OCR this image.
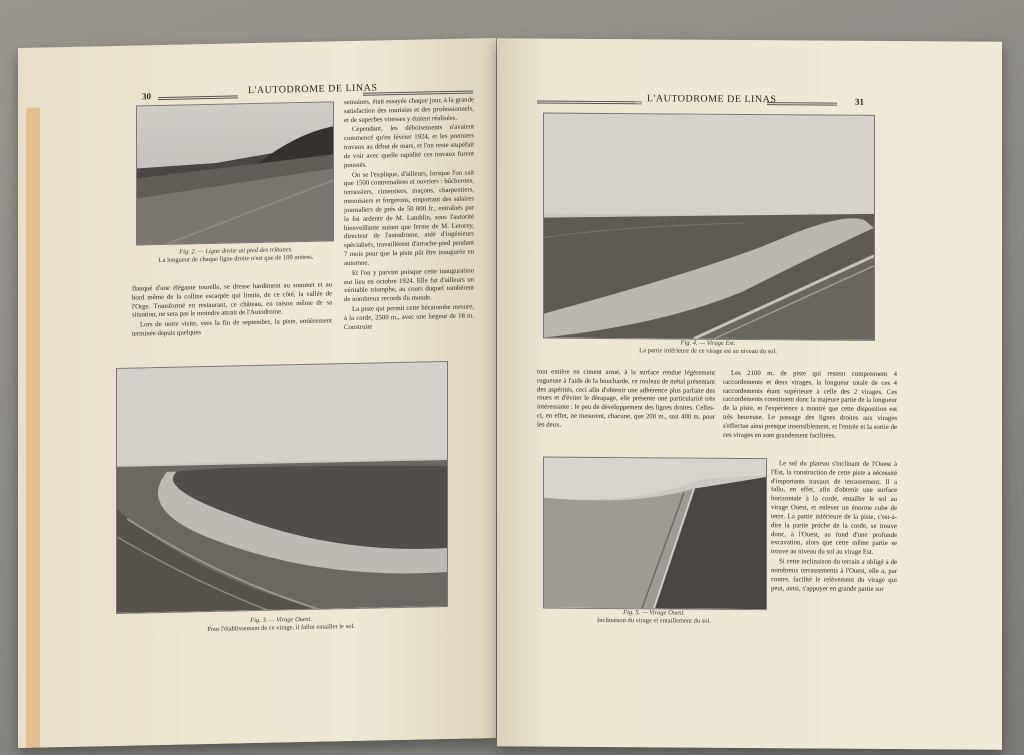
L'AUTODROME DE LINAS
30
Fig. 2. — Ligne droite au pied des tribunes.
La longueur de chaque ligne droite n'est que de 100 mètres.

semaines, était essayée chaque jour, à la grande satisfaction des touristes et des professionnels, et de superbes vitesses y étaient réalisées.

Cependant, les déboisements n'avaient commencé qu'en février 1924, et les premiers travaux au début de mars, et l'on reste stupéfait de voir avec quelle rapidité ces travaux furent poussés.

On se l'explique, d'ailleurs, lorsque l'on sait que 1500 contremaîtres et ouvriers : bûcherons, terrassiers, cimentiers, maçons, charpentiers, menuisiers et forgerons, emportant des salaires journaliers de près de 50 000 fr., entraînés par la foi ardente de M. Lamblin, sous l'autorité bienveillante autant que ferme de M. Letorey, directeur de l'autodrome, aidé d'ingénieurs spécialisés, travaillèrent d'arrache-pied pendant 7 mois pour que la piste pût être inaugurée en automne.

Et l'on y parvint puisque cette inauguration eut lieu en octobre 1924. Elle fut d'ailleurs un véritable triomphe, au cours duquel tombèrent de nombreux records du monde.

La piste qui permit cette hécatombe mesure, à la corde, 2500 m., avec une largeur de 18 m. Construite

flanqué d'une élégante tourelle, se dresse hardiment au sommet et au bord même de la colline escarpée qui limite, de ce côté, la vallée de l'Orge. Transformé en restaurant, ce château, en raison même de sa situation, ne sera pas le moindre attrait de l'Autodrome.

Lors de notre visite, vers la fin de septembre, la piste, entièrement terminée depuis quelques

Fig. 3. — Virage Ouest.
Pour l'établissement de ce virage, il fallut entailler le sol.
L'AUTODROME DE LINAS	31
Fig. 4. — Virage Est.
La partie inférieure de ce virage est au niveau du sol.

tout entière en ciment armé, à la surface rendue légèrement rugueuse à l'aide de la boucharde, ce rouleau de métal présentant des aspérités, ceci afin d'obtenir une adhérence plus parfaite des roues et d'éviter le dérapage, elle présente une particularité très intéressante : le peu de développement des lignes droites. Celles-ci, en effet, ne mesurent, chacune, que 200 m., soit 400 m. pour les deux.

Les 2100 m. de piste qui restent comprennent 4 raccordements et deux virages, la longueur totale de ces 4 raccordements étant supérieure à celle des 2 virages. Ces raccordements constituent donc la majeure partie de la longueur de la piste, et l'expérience a montré que cette disposition est très heureuse. Le passage des lignes droites aux virages s'effectue ainsi presque insensiblement, et l'entrée et la sortie de ces virages en sont grandement facilitées.

Fig. 5. — Virage Ouest.
Inclinaison du virage et entaillement du sol.

Le sol du plateau s'inclinant de l'Ouest à l'Est, la construction de cette piste a nécessité d'importants travaux de terrassement. Il a fallu, en effet, afin d'obtenir une surface horizontale à la corde, entailler le sol au virage Ouest, et enlever un énorme cube de terre. La partie inférieure de la piste, c'est-à-dire la partie proche de la corde, se trouve donc, à l'Ouest, au fond d'une profonde excavation, alors que cette même partie se trouve au niveau du sol au virage Est.

Si cette inclinaison du terrain a obligé à de nombreux terrassements à l'Ouest, elle a, par contre, facilité le relèvement du virage qui peut, ainsi, s'appuyer en grande partie sur
